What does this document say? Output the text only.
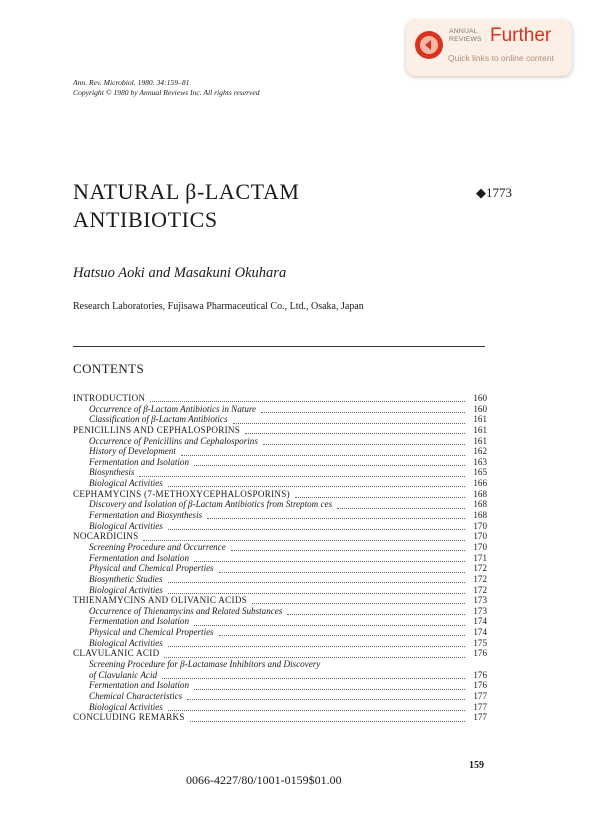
ANNUAL
REVIEWS Further
Quick links to online content
Ann. Rev. Microbiol. 1980. 34:159–81
Copyright © 1980 by Annual Reviews Inc. All rights reserved
NATURAL β-LACTAM
ANTIBIOTICS
◆1773
Hatsuo Aoki and Masakuni Okuhara
Research Laboratories, Fujisawa Pharmaceutical Co., Ltd., Osaka, Japan
CONTENTS
INTRODUCTION	160
Occurrence of β-Lactam Antibiotics in Nature	160
Classification of β-Lactam Antibiotics	161
PENICILLINS AND CEPHALOSPORINS	161
Occurrence of Penicillins and Cephalosporins	161
History of Development	162
Fermentation and Isolation	163
Biosynthesis	165
Biological Activities	166
CEPHAMYCINS (7-METHOXYCEPHALOSPORINS)	168
Discovery and Isolation of β-Lactam Antibiotics from Streptom ces	168
Fermentation and Biosynthesis	168
Biological Activities	170
NOCARDICINS	170
Screening Procedure and Occurrence	170
Fermentation and Isolation	171
Physical and Chemical Properties	172
Biosynthetic Studies	172
Biological Activities	172
THIENAMYCINS AND OLIVANIC ACIDS	173
Occurrence of Thienamycins and Related Substances	173
Fermentation and Isolation	174
Physical and Chemical Properties	174
Biological Activities	175
CLAVULANIC ACID	176
Screening Procedure for β-Lactamase Inhibitors and Discovery
of Clavulanic Acid	176
Fermentation and Isolation	176
Chemical Characteristics	177
Biological Activities	177
CONCLUDING REMARKS	177
159
0066-4227/80/1001-0159$01.00
